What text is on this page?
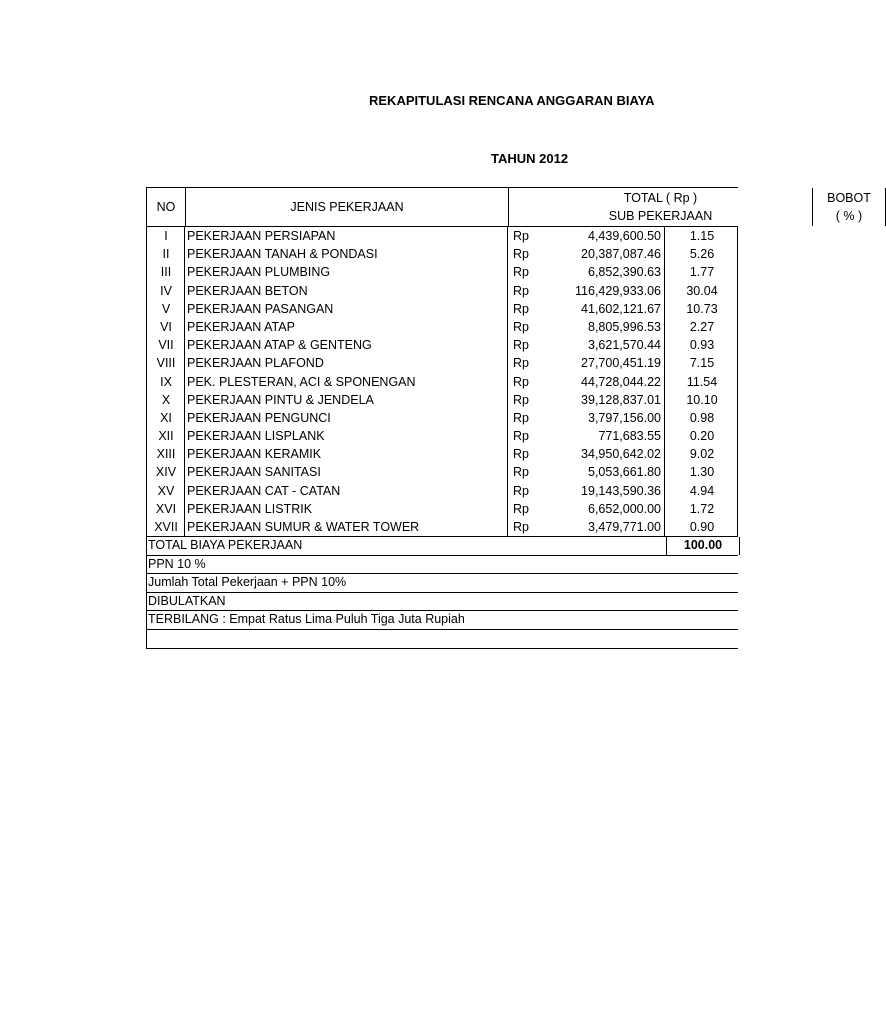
REKAPITULASI RENCANA ANGGARAN BIAYA
TAHUN 2012
NO	JENIS PEKERJAAN
TOTAL ( Rp )
SUB PEKERJAAN
BOBOT
( % )
I	PEKERJAAN PERSIAPAN	Rp	4,439,600.50	1.15
II	PEKERJAAN TANAH & PONDASI	Rp	20,387,087.46	5.26
III	PEKERJAAN PLUMBING	Rp	6,852,390.63	1.77
IV	PEKERJAAN BETON	Rp	116,429,933.06	30.04
V	PEKERJAAN PASANGAN	Rp	41,602,121.67	10.73
VI	PEKERJAAN ATAP	Rp	8,805,996.53	2.27
VII	PEKERJAAN ATAP & GENTENG	Rp	3,621,570.44	0.93
VIII PEKERJAAN PLAFOND	Rp	27,700,451.19	7.15
IX	PEK. PLESTERAN, ACI & SPONENGAN	Rp	44,728,044.22	11.54
X	PEKERJAAN PINTU & JENDELA	Rp	39,128,837.01	10.10
XI	PEKERJAAN PENGUNCI	Rp	3,797,156.00	0.98
XII	PEKERJAAN LISPLANK	Rp	771,683.55	0.20
XIII PEKERJAAN KERAMIK	Rp	34,950,642.02	9.02
XIV PEKERJAAN SANITASI	Rp	5,053,661.80	1.30
XV	PEKERJAAN CAT - CATAN	Rp	19,143,590.36	4.94
XVI PEKERJAAN LISTRIK	Rp	6,652,000.00	1.72
XVII PEKERJAAN SUMUR & WATER TOWER	Rp	3,479,771.00	0.90
TOTAL BIAYA PEKERJAAN	100.00
PPN 10 %
Jumlah Total Pekerjaan + PPN 10%
DIBULATKAN
TERBILANG : Empat Ratus Lima Puluh Tiga Juta Rupiah
